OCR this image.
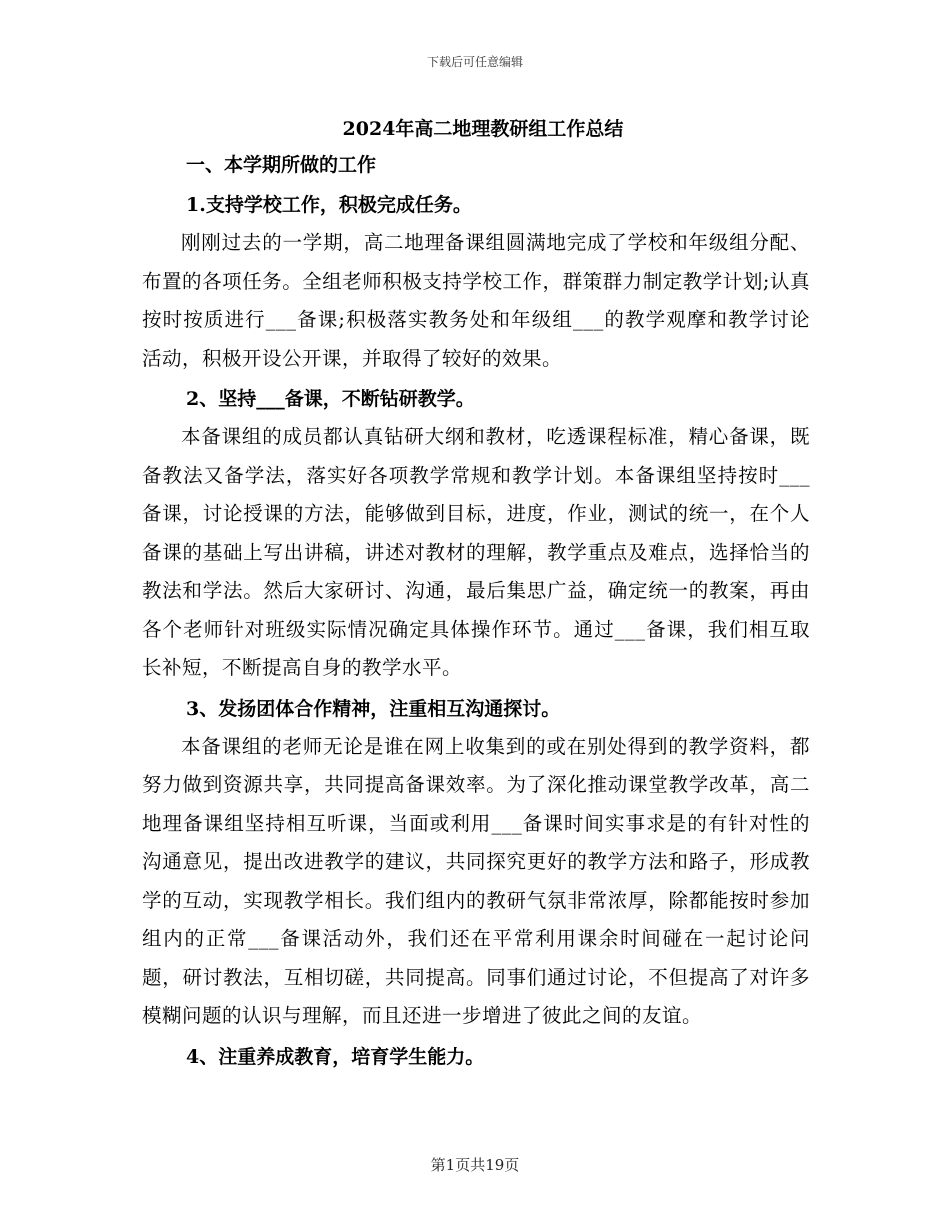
下载后可任意编辑
2024年高二地理教研组工作总结
一、本学期所做的工作
1.支持学校工作，积极完成任务。

刚刚过去的一学期，高二地理备课组圆满地完成了学校和年级组分配、布置的各项任务。全组老师积极支持学校工作，群策群力制定教学计划;认真按时按质进行___备课;积极落实教务处和年级组___的教学观摩和教学讨论活动，积极开设公开课，并取得了较好的效果。

2、坚持___备课，不断钻研教学。

本备课组的成员都认真钻研大纲和教材，吃透课程标准，精心备课，既备教法又备学法，落实好各项教学常规和教学计划。本备课组坚持按时___备课，讨论授课的方法，能够做到目标，进度，作业，测试的统一，在个人备课的基础上写出讲稿，讲述对教材的理解，教学重点及难点，选择恰当的教法和学法。然后大家研讨、沟通，最后集思广益，确定统一的教案，再由各个老师针对班级实际情况确定具体操作环节。通过___备课，我们相互取长补短，不断提高自身的教学水平。

3、发扬团体合作精神，注重相互沟通探讨。

本备课组的老师无论是谁在网上收集到的或在别处得到的教学资料，都努力做到资源共享，共同提高备课效率。为了深化推动课堂教学改革，高二地理备课组坚持相互听课，当面或利用___备课时间实事求是的有针对性的沟通意见，提出改进教学的建议，共同探究更好的教学方法和路子，形成教学的互动，实现教学相长。我们组内的教研气氛非常浓厚，除都能按时参加组内的正常___备课活动外，我们还在平常利用课余时间碰在一起讨论问题，研讨教法，互相切磋，共同提高。同事们通过讨论，不但提高了对许多模糊问题的认识与理解，而且还进一步增进了彼此之间的友谊。

4、注重养成教育，培育学生能力。
第1页共19页
